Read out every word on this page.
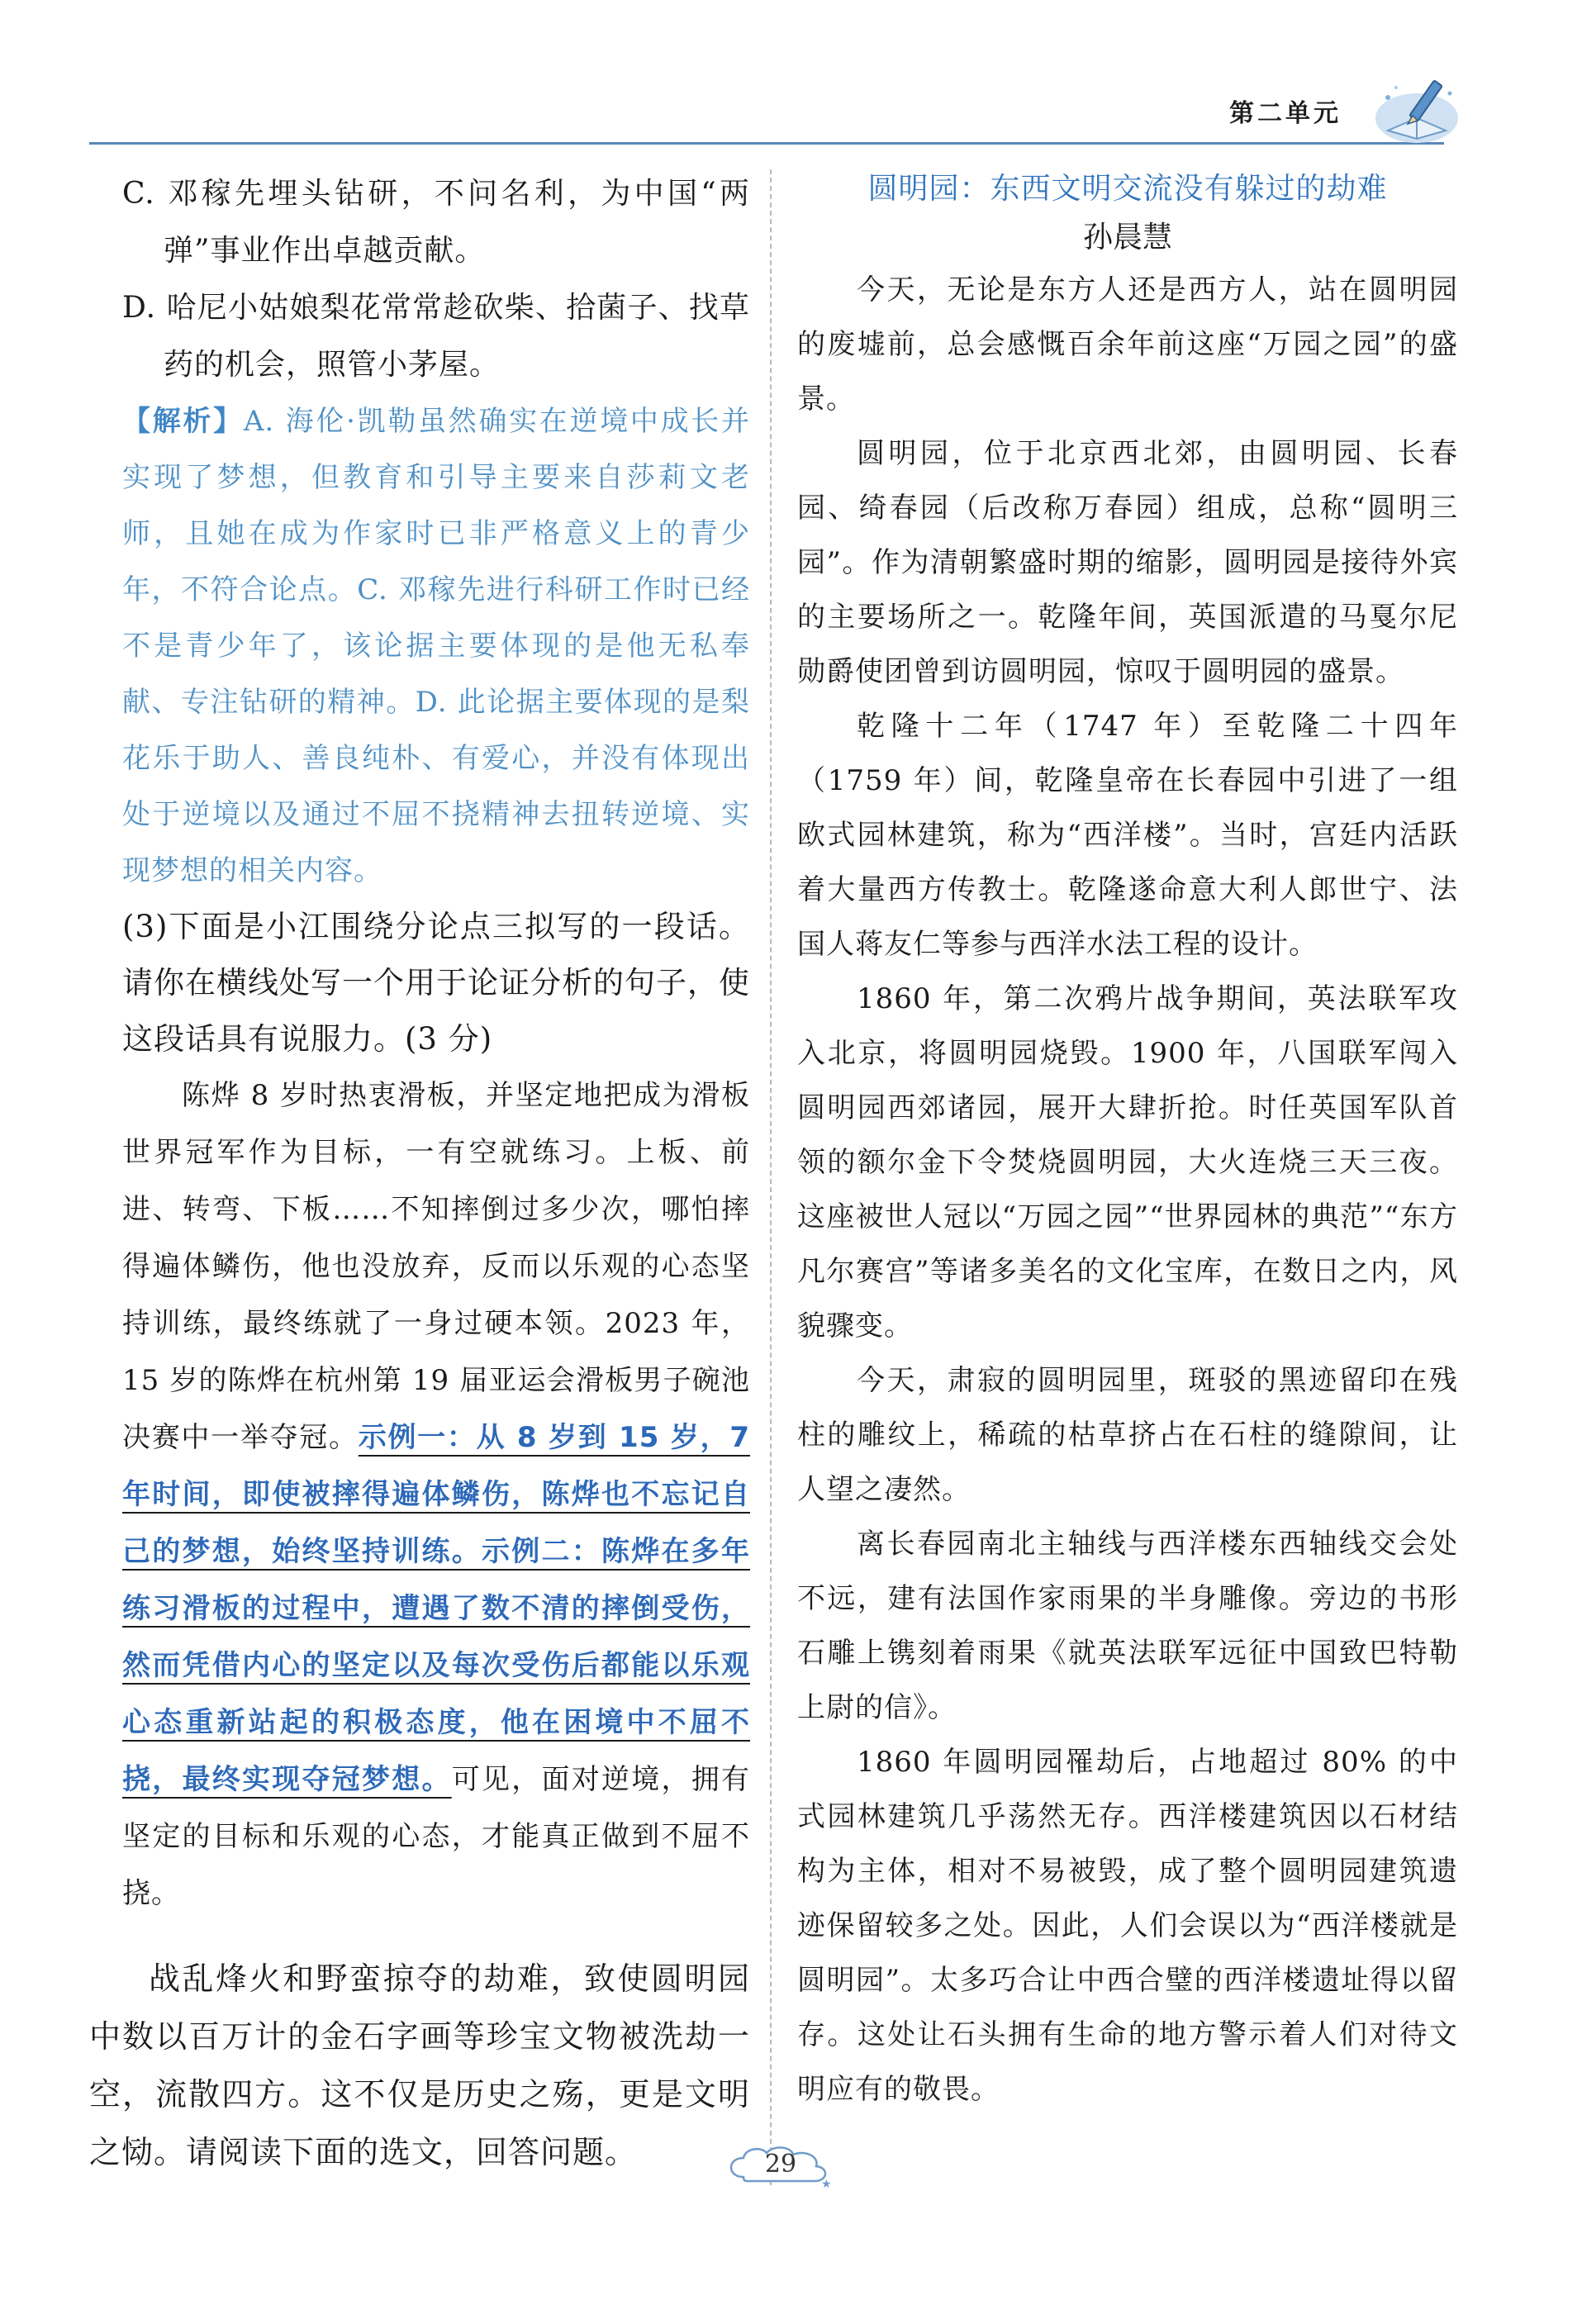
第二单元

C. 邓稼先埋头钻研，不问名利，为中国“两弹”事业作出卓越贡献。

D. 哈尼小姑娘梨花常常趁砍柴、拾菌子、找草药的机会，照管小茅屋。

【解析】A. 海伦·凯勒虽然确实在逆境中成长并实现了梦想，但教育和引导主要来自莎莉文老师，且她在成为作家时已非严格意义上的青少年，不符合论点。C. 邓稼先进行科研工作时已经不是青少年了，该论据主要体现的是他无私奉献、专注钻研的精神。D. 此论据主要体现的是梨花乐于助人、善良纯朴、有爱心，并没有体现出处于逆境以及通过不屈不挠精神去扭转逆境、实现梦想的相关内容。

(3)下面是小江围绕分论点三拟写的一段话。请你在横线处写一个用于论证分析的句子，使这段话具有说服力。(3 分)

陈烨 8 岁时热衷滑板，并坚定地把成为滑板世界冠军作为目标，一有空就练习。上板、前进、转弯、下板……不知摔倒过多少次，哪怕摔得遍体鳞伤，他也没放弃，反而以乐观的心态坚持训练，最终练就了一身过硬本领。2023 年，15 岁的陈烨在杭州第 19 届亚运会滑板男子碗池决赛中一举夺冠。示例一：从 8 岁到 15 岁，7 年时间，即使被摔得遍体鳞伤，陈烨也不忘记自己的梦想，始终坚持训练。示例二：陈烨在多年练习滑板的过程中，遭遇了数不清的摔倒受伤，然而凭借内心的坚定以及每次受伤后都能以乐观心态重新站起的积极态度，他在困境中不屈不挠，最终实现夺冠梦想。可见，面对逆境，拥有坚定的目标和乐观的心态，才能真正做到不屈不挠。

战乱烽火和野蛮掠夺的劫难，致使圆明园中数以百万计的金石字画等珍宝文物被洗劫一空，流散四方。这不仅是历史之殇，更是文明之恸。请阅读下面的选文，回答问题。

圆明园：东西文明交流没有躲过的劫难
孙晨慧

今天，无论是东方人还是西方人，站在圆明园的废墟前，总会感慨百余年前这座“万园之园”的盛景。

圆明园，位于北京西北郊，由圆明园、长春园、绮春园（后改称万春园）组成，总称“圆明三园”。作为清朝繁盛时期的缩影，圆明园是接待外宾的主要场所之一。乾隆年间，英国派遣的马戛尔尼勋爵使团曾到访圆明园，惊叹于圆明园的盛景。

乾隆十二年（1747 年）至乾隆二十四年（1759 年）间，乾隆皇帝在长春园中引进了一组欧式园林建筑，称为“西洋楼”。当时，宫廷内活跃着大量西方传教士。乾隆遂命意大利人郎世宁、法国人蒋友仁等参与西洋水法工程的设计。

1860 年，第二次鸦片战争期间，英法联军攻入北京，将圆明园烧毁。1900 年，八国联军闯入圆明园西郊诸园，展开大肆折抢。时任英国军队首领的额尔金下令焚烧圆明园，大火连烧三天三夜。这座被世人冠以“万园之园”“世界园林的典范”“东方凡尔赛宫”等诸多美名的文化宝库，在数日之内，风貌骤变。

今天，肃寂的圆明园里，斑驳的黑迹留印在残柱的雕纹上，稀疏的枯草挤占在石柱的缝隙间，让人望之凄然。

离长春园南北主轴线与西洋楼东西轴线交会处不远，建有法国作家雨果的半身雕像。旁边的书形石雕上镌刻着雨果《就英法联军远征中国致巴特勒上尉的信》。

1860 年圆明园罹劫后，占地超过 80% 的中式园林建筑几乎荡然无存。西洋楼建筑因以石材结构为主体，相对不易被毁，成了整个圆明园建筑遗迹保留较多之处。因此，人们会误以为“西洋楼就是圆明园”。太多巧合让中西合璧的西洋楼遗址得以留存。这处让石头拥有生命的地方警示着人们对待文明应有的敬畏。

★
29
